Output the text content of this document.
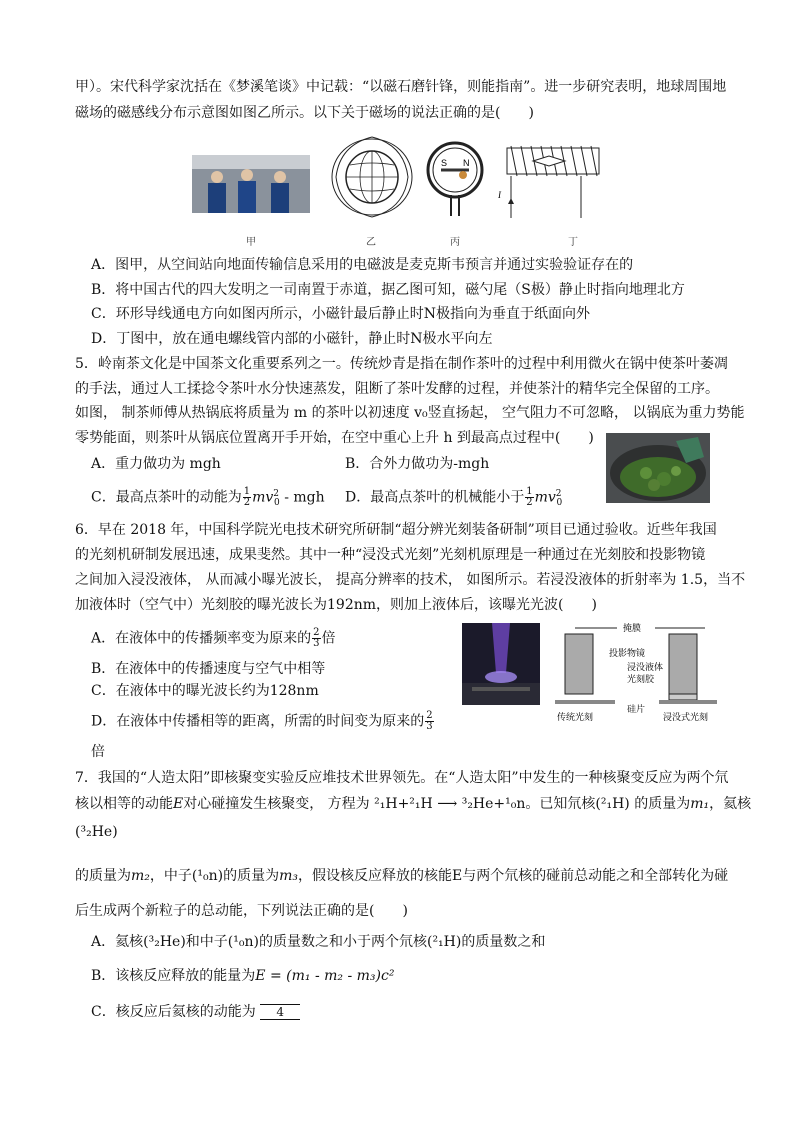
甲）。宋代科学家沈括在《梦溪笔谈》中记载：“以磁石磨针锋，则能指南”。进一步研究表明，地球周围地
磁场的磁感线分布示意图如图乙所示。以下关于磁场的说法正确的是(　　)
S N
I
甲	乙	丙	丁
A．图甲，从空间站向地面传输信息采用的电磁波是麦克斯韦预言并通过实验验证存在的
B．将中国古代的四大发明之一司南置于赤道，据乙图可知，磁勺尾（S极）静止时指向地理北方
C．环形导线通电方向如图丙所示，小磁针最后静止时N极指向为垂直于纸面向外
D．丁图中，放在通电螺线管内部的小磁针，静止时N极水平向左
5．岭南茶文化是中国茶文化重要系列之一。传统炒青是指在制作茶叶的过程中利用微火在锅中使茶叶萎凋
的手法，通过人工揉捻令茶叶水分快速蒸发，阻断了茶叶发酵的过程，并使茶汁的精华完全保留的工序。
如图， 制茶师傅从热锅底将质量为 m 的茶叶以初速度 v₀竖直扬起， 空气阻力不可忽略， 以锅底为重力势能
零势能面，则茶叶从锅底位置离开手开始，在空中重心上升 h 到最高点过程中(　　)
A．重力做功为 mgh	B．合外力做功为-mgh
C．最高点茶叶的动能为 $\frac{1}{2} mv^2_0$ - mgh D．最高点茶叶的机械能小于 $\frac{1}{2} mv^2_0$
6．早在 2018 年，中国科学院光电技术研究所研制“超分辨光刻装备研制”项目已通过验收。近些年我国
的光刻机研制发展迅速，成果斐然。其中一种“浸没式光刻”光刻机原理是一种通过在光刻胶和投影物镜
之间加入浸没液体， 从而减小曝光波长， 提高分辨率的技术， 如图所示。若浸没液体的折射率为 1.5，当不
加液体时（空气中）光刻胶的曝光波长为192nm，则加上液体后，该曝光光波(　　)
掩膜
投影物镜
浸没液体
光刻胶
硅片
传统光刻	浸没式光刻
A．在液体中的传播频率变为原来的 $\frac{2}{3}$ 倍
B．在液体中的传播速度与空气中相等
C．在液体中的曝光波长约为128nm
D．在液体中传播相等的距离，所需的时间变为原来的 $\frac{2}{3}$
倍
7．我国的“人造太阳”即核聚变实验反应堆技术世界领先。在“人造太阳”中发生的一种核聚变反应为两个氘
核以相等的动能E对心碰撞发生核聚变， 方程为 ²₁H+²₁H ⟶ ³₂He+¹₀n。已知氘核(²₁H) 的质量为m₁，氦核
(³₂He)
的质量为m₂，中子(¹₀n)的质量为m₃，假设核反应释放的核能E与两个氘核的碰前总动能之和全部转化为碰
后生成两个新粒子的总动能，下列说法正确的是(　　)
A．氦核(³₂He)和中子(¹₀n)的质量数之和小于两个氘核(²₁H)的质量数之和
B．该核反应释放的能量为E = (m₁ - m₂ - m₃)c²
C．核反应后氦核的动能为 4
